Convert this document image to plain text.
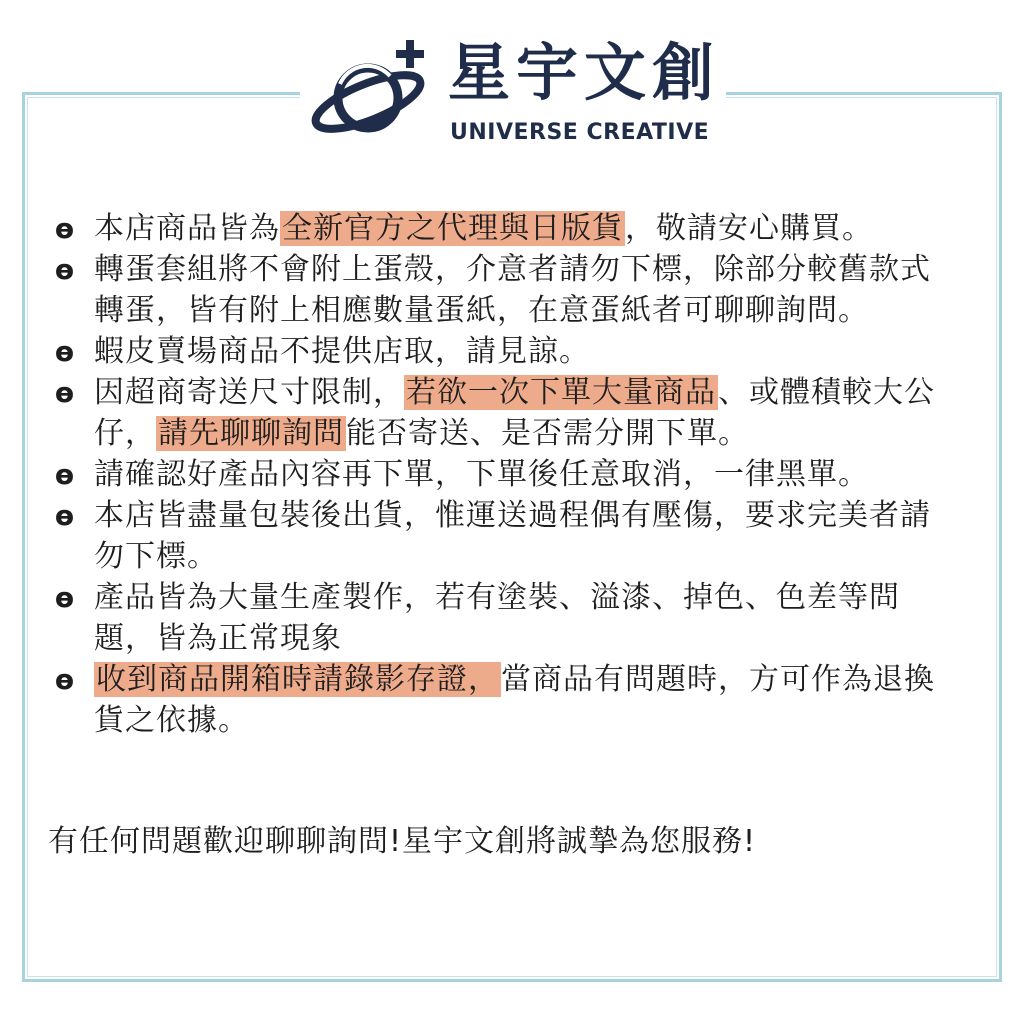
星宇文創
UNIVERSE CREATIVE
ө 本店商品皆為全新官方之代理與日版貨，敬請安心購買。
ө 轉蛋套組將不會附上蛋殼，介意者請勿下標，除部分較舊款式轉蛋，皆有附上相應數量蛋紙，在意蛋紙者可聊聊詢問。
ө 蝦皮賣場商品不提供店取，請見諒。
ө 因超商寄送尺寸限制，若欲一次下單大量商品、或體積較大公仔，請先聊聊詢問能否寄送、是否需分開下單。
ө 請確認好產品內容再下單，下單後任意取消，一律黑單。
ө 本店皆盡量包裝後出貨，惟運送過程偶有壓傷，要求完美者請勿下標。
ө 產品皆為大量生產製作，若有塗裝、溢漆、掉色、色差等問題，皆為正常現象
ө 收到商品開箱時請錄影存證，當商品有問題時，方可作為退換貨之依據。
有任何問題歡迎聊聊詢問!星宇文創將誠摯為您服務!
